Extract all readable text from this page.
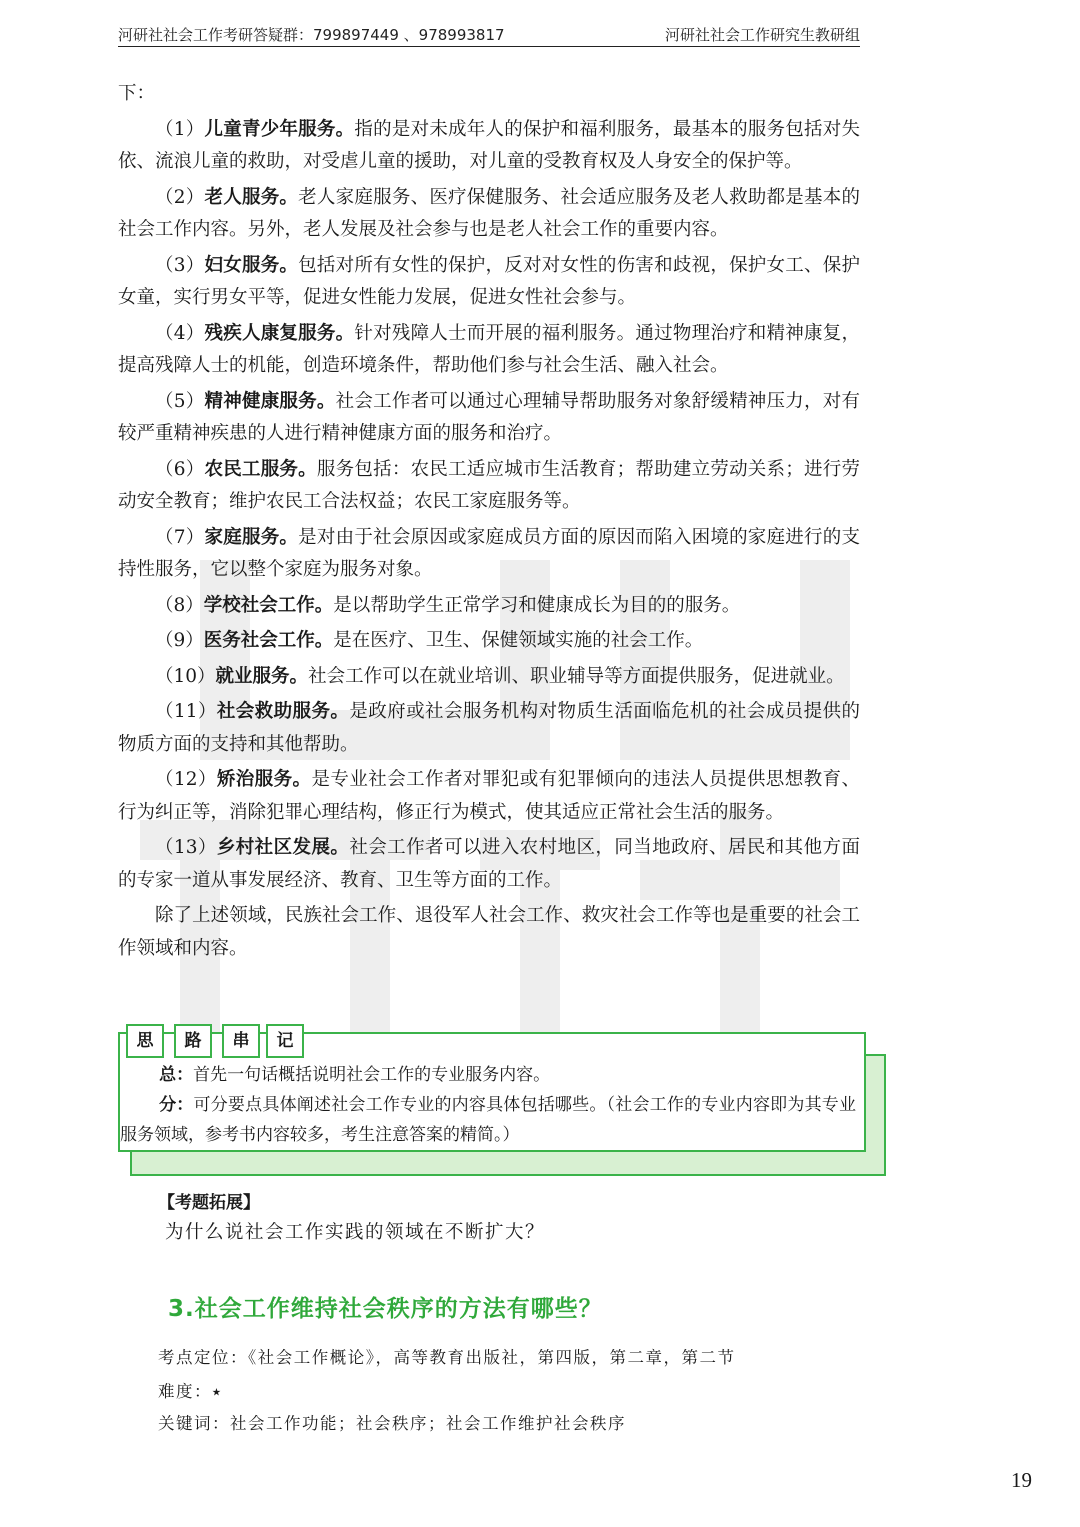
河研社社会工作考研答疑群：799897449 、978993817	河研社社会工作研究生教研组

下：

（1）儿童青少年服务。指的是对未成年人的保护和福利服务，最基本的服务包括对失依、流浪儿童的救助，对受虐儿童的援助，对儿童的受教育权及人身安全的保护等。

（2）老人服务。老人家庭服务、医疗保健服务、社会适应服务及老人救助都是基本的社会工作内容。另外，老人发展及社会参与也是老人社会工作的重要内容。

（3）妇女服务。包括对所有女性的保护，反对对女性的伤害和歧视，保护女工、保护女童，实行男女平等，促进女性能力发展，促进女性社会参与。

（4）残疾人康复服务。针对残障人士而开展的福利服务。通过物理治疗和精神康复，提高残障人士的机能，创造环境条件，帮助他们参与社会生活、融入社会。

（5）精神健康服务。社会工作者可以通过心理辅导帮助服务对象舒缓精神压力，对有较严重精神疾患的人进行精神健康方面的服务和治疗。

（6）农民工服务。服务包括：农民工适应城市生活教育；帮助建立劳动关系；进行劳动安全教育；维护农民工合法权益；农民工家庭服务等。

（7）家庭服务。是对由于社会原因或家庭成员方面的原因而陷入困境的家庭进行的支持性服务，它以整个家庭为服务对象。

（8）学校社会工作。是以帮助学生正常学习和健康成长为目的的服务。

（9）医务社会工作。是在医疗、卫生、保健领域实施的社会工作。

（10）就业服务。社会工作可以在就业培训、职业辅导等方面提供服务，促进就业。

（11）社会救助服务。是政府或社会服务机构对物质生活面临危机的社会成员提供的物质方面的支持和其他帮助。

（12）矫治服务。是专业社会工作者对罪犯或有犯罪倾向的违法人员提供思想教育、行为纠正等，消除犯罪心理结构，修正行为模式，使其适应正常社会生活的服务。

（13）乡村社区发展。社会工作者可以进入农村地区，同当地政府、居民和其他方面的专家一道从事发展经济、教育、卫生等方面的工作。

除了上述领域，民族社会工作、退役军人社会工作、救灾社会工作等也是重要的社会工作领域和内容。

总：首先一句话概括说明社会工作的专业服务内容。

分：可分要点具体阐述社会工作专业的内容具体包括哪些。（社会工作的专业内容即为其专业服务领域，参考书内容较多，考生注意答案的精简。）

思	路	串	记
【考题拓展】
为什么说社会工作实践的领域在不断扩大？
3.社会工作维持社会秩序的方法有哪些？
考点定位：《社会工作概论》，高等教育出版社，第四版，第二章，第二节
难度：⭑
关键词：社会工作功能；社会秩序；社会工作维护社会秩序
19
